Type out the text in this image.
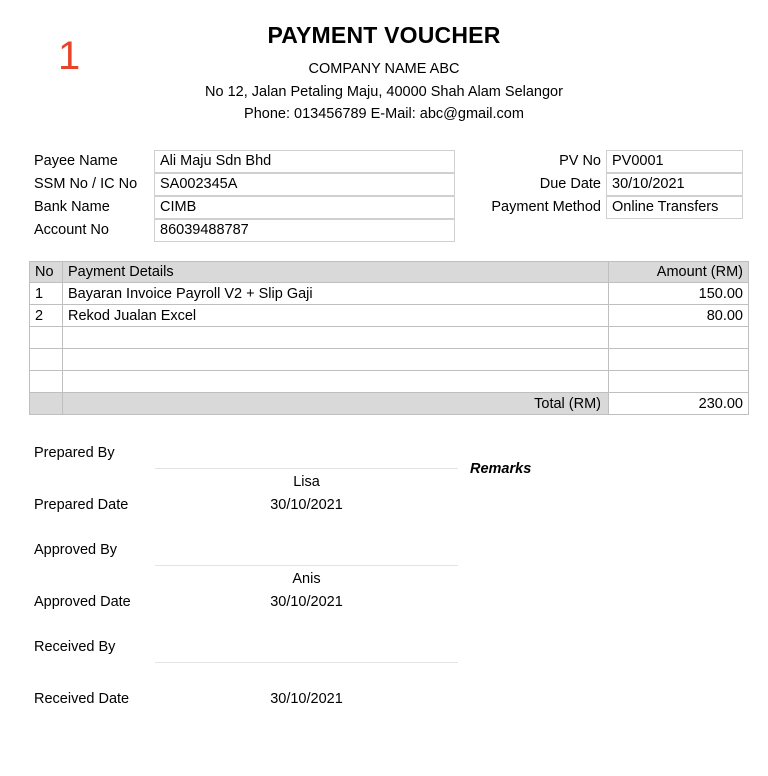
1	PAYMENT VOUCHER
COMPANY NAME ABC
No 12, Jalan Petaling Maju, 40000 Shah Alam Selangor
Phone: 013456789 E-Mail: abc@gmail.com
Payee Name	Ali Maju Sdn Bhd	PV No PV0001
SSM No / IC No	SA002345A	Due Date 30/10/2021
Bank Name	CIMB	Payment Method Online Transfers
Account No	86039488787
No	Payment Details	Amount (RM)
1	Bayaran Invoice Payroll V2 + Slip Gaji	150.00
2	Rekod Jualan Excel	80.00

	Total (RM)	230.00
Prepared By
Lisa
Prepared Date	30/10/2021
Approved By
Anis
Approved Date	30/10/2021
Received By
Received Date	30/10/2021
Remarks
